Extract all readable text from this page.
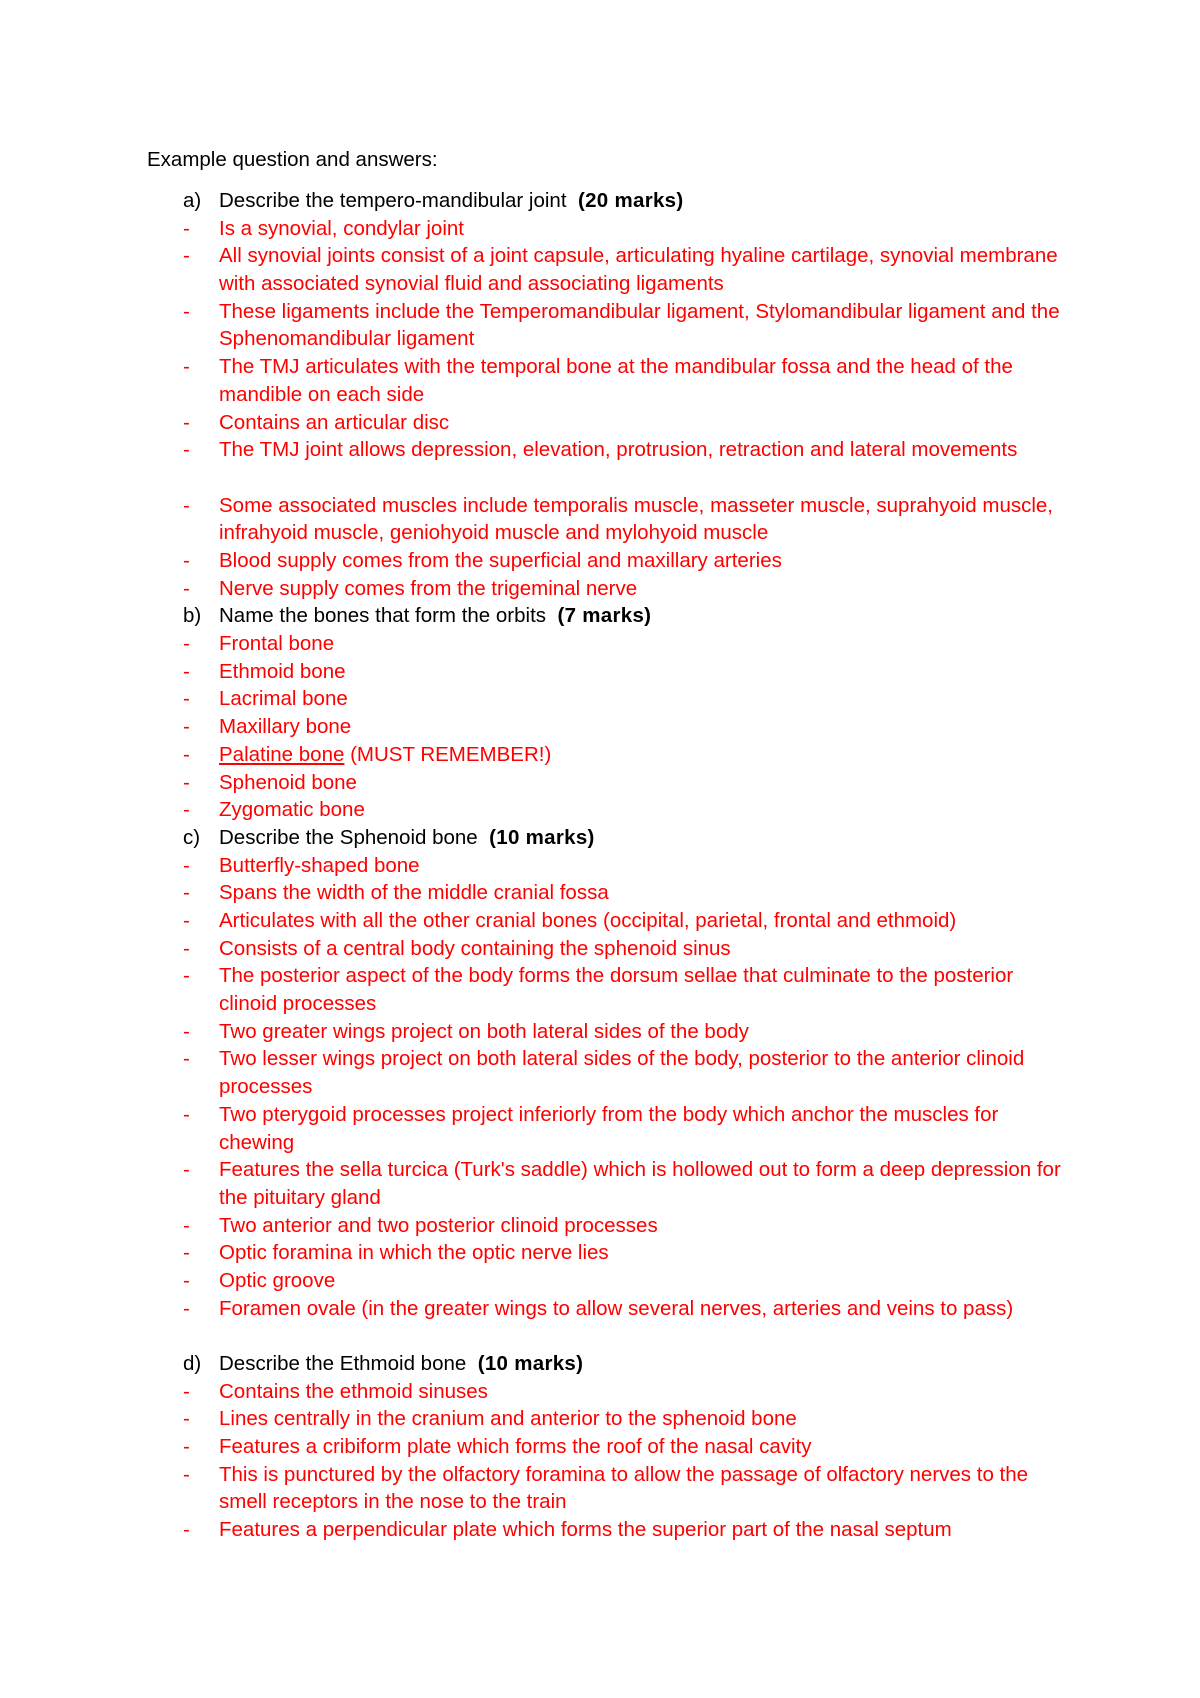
Example question and answers:
a) Describe the tempero-mandibular joint (20 marks)
- Is a synovial, condylar joint
- All synovial joints consist of a joint capsule, articulating hyaline cartilage, synovial membrane with associated synovial fluid and associating ligaments
- These ligaments include the Temperomandibular ligament, Stylomandibular ligament and the Sphenomandibular ligament
- The TMJ articulates with the temporal bone at the mandibular fossa and the head of the mandible on each side
- Contains an articular disc
- The TMJ joint allows depression, elevation, protrusion, retraction and lateral movements
- Some associated muscles include temporalis muscle, masseter muscle, suprahyoid muscle, infrahyoid muscle, geniohyoid muscle and mylohyoid muscle
- Blood supply comes from the superficial and maxillary arteries
- Nerve supply comes from the trigeminal nerve
b) Name the bones that form the orbits (7 marks)
- Frontal bone
- Ethmoid bone
- Lacrimal bone
- Maxillary bone
- Palatine bone (MUST REMEMBER!)
- Sphenoid bone
- Zygomatic bone
c) Describe the Sphenoid bone (10 marks)
- Butterfly-shaped bone
- Spans the width of the middle cranial fossa
- Articulates with all the other cranial bones (occipital, parietal, frontal and ethmoid)
- Consists of a central body containing the sphenoid sinus
- The posterior aspect of the body forms the dorsum sellae that culminate to the posterior clinoid processes
- Two greater wings project on both lateral sides of the body
- Two lesser wings project on both lateral sides of the body, posterior to the anterior clinoid processes
- Two pterygoid processes project inferiorly from the body which anchor the muscles for chewing
- Features the sella turcica (Turk's saddle) which is hollowed out to form a deep depression for the pituitary gland
- Two anterior and two posterior clinoid processes
- Optic foramina in which the optic nerve lies
- Optic groove
- Foramen ovale (in the greater wings to allow several nerves, arteries and veins to pass)
d) Describe the Ethmoid bone (10 marks)
- Contains the ethmoid sinuses
- Lines centrally in the cranium and anterior to the sphenoid bone
- Features a cribiform plate which forms the roof of the nasal cavity
- This is punctured by the olfactory foramina to allow the passage of olfactory nerves to the smell receptors in the nose to the train
- Features a perpendicular plate which forms the superior part of the nasal septum
